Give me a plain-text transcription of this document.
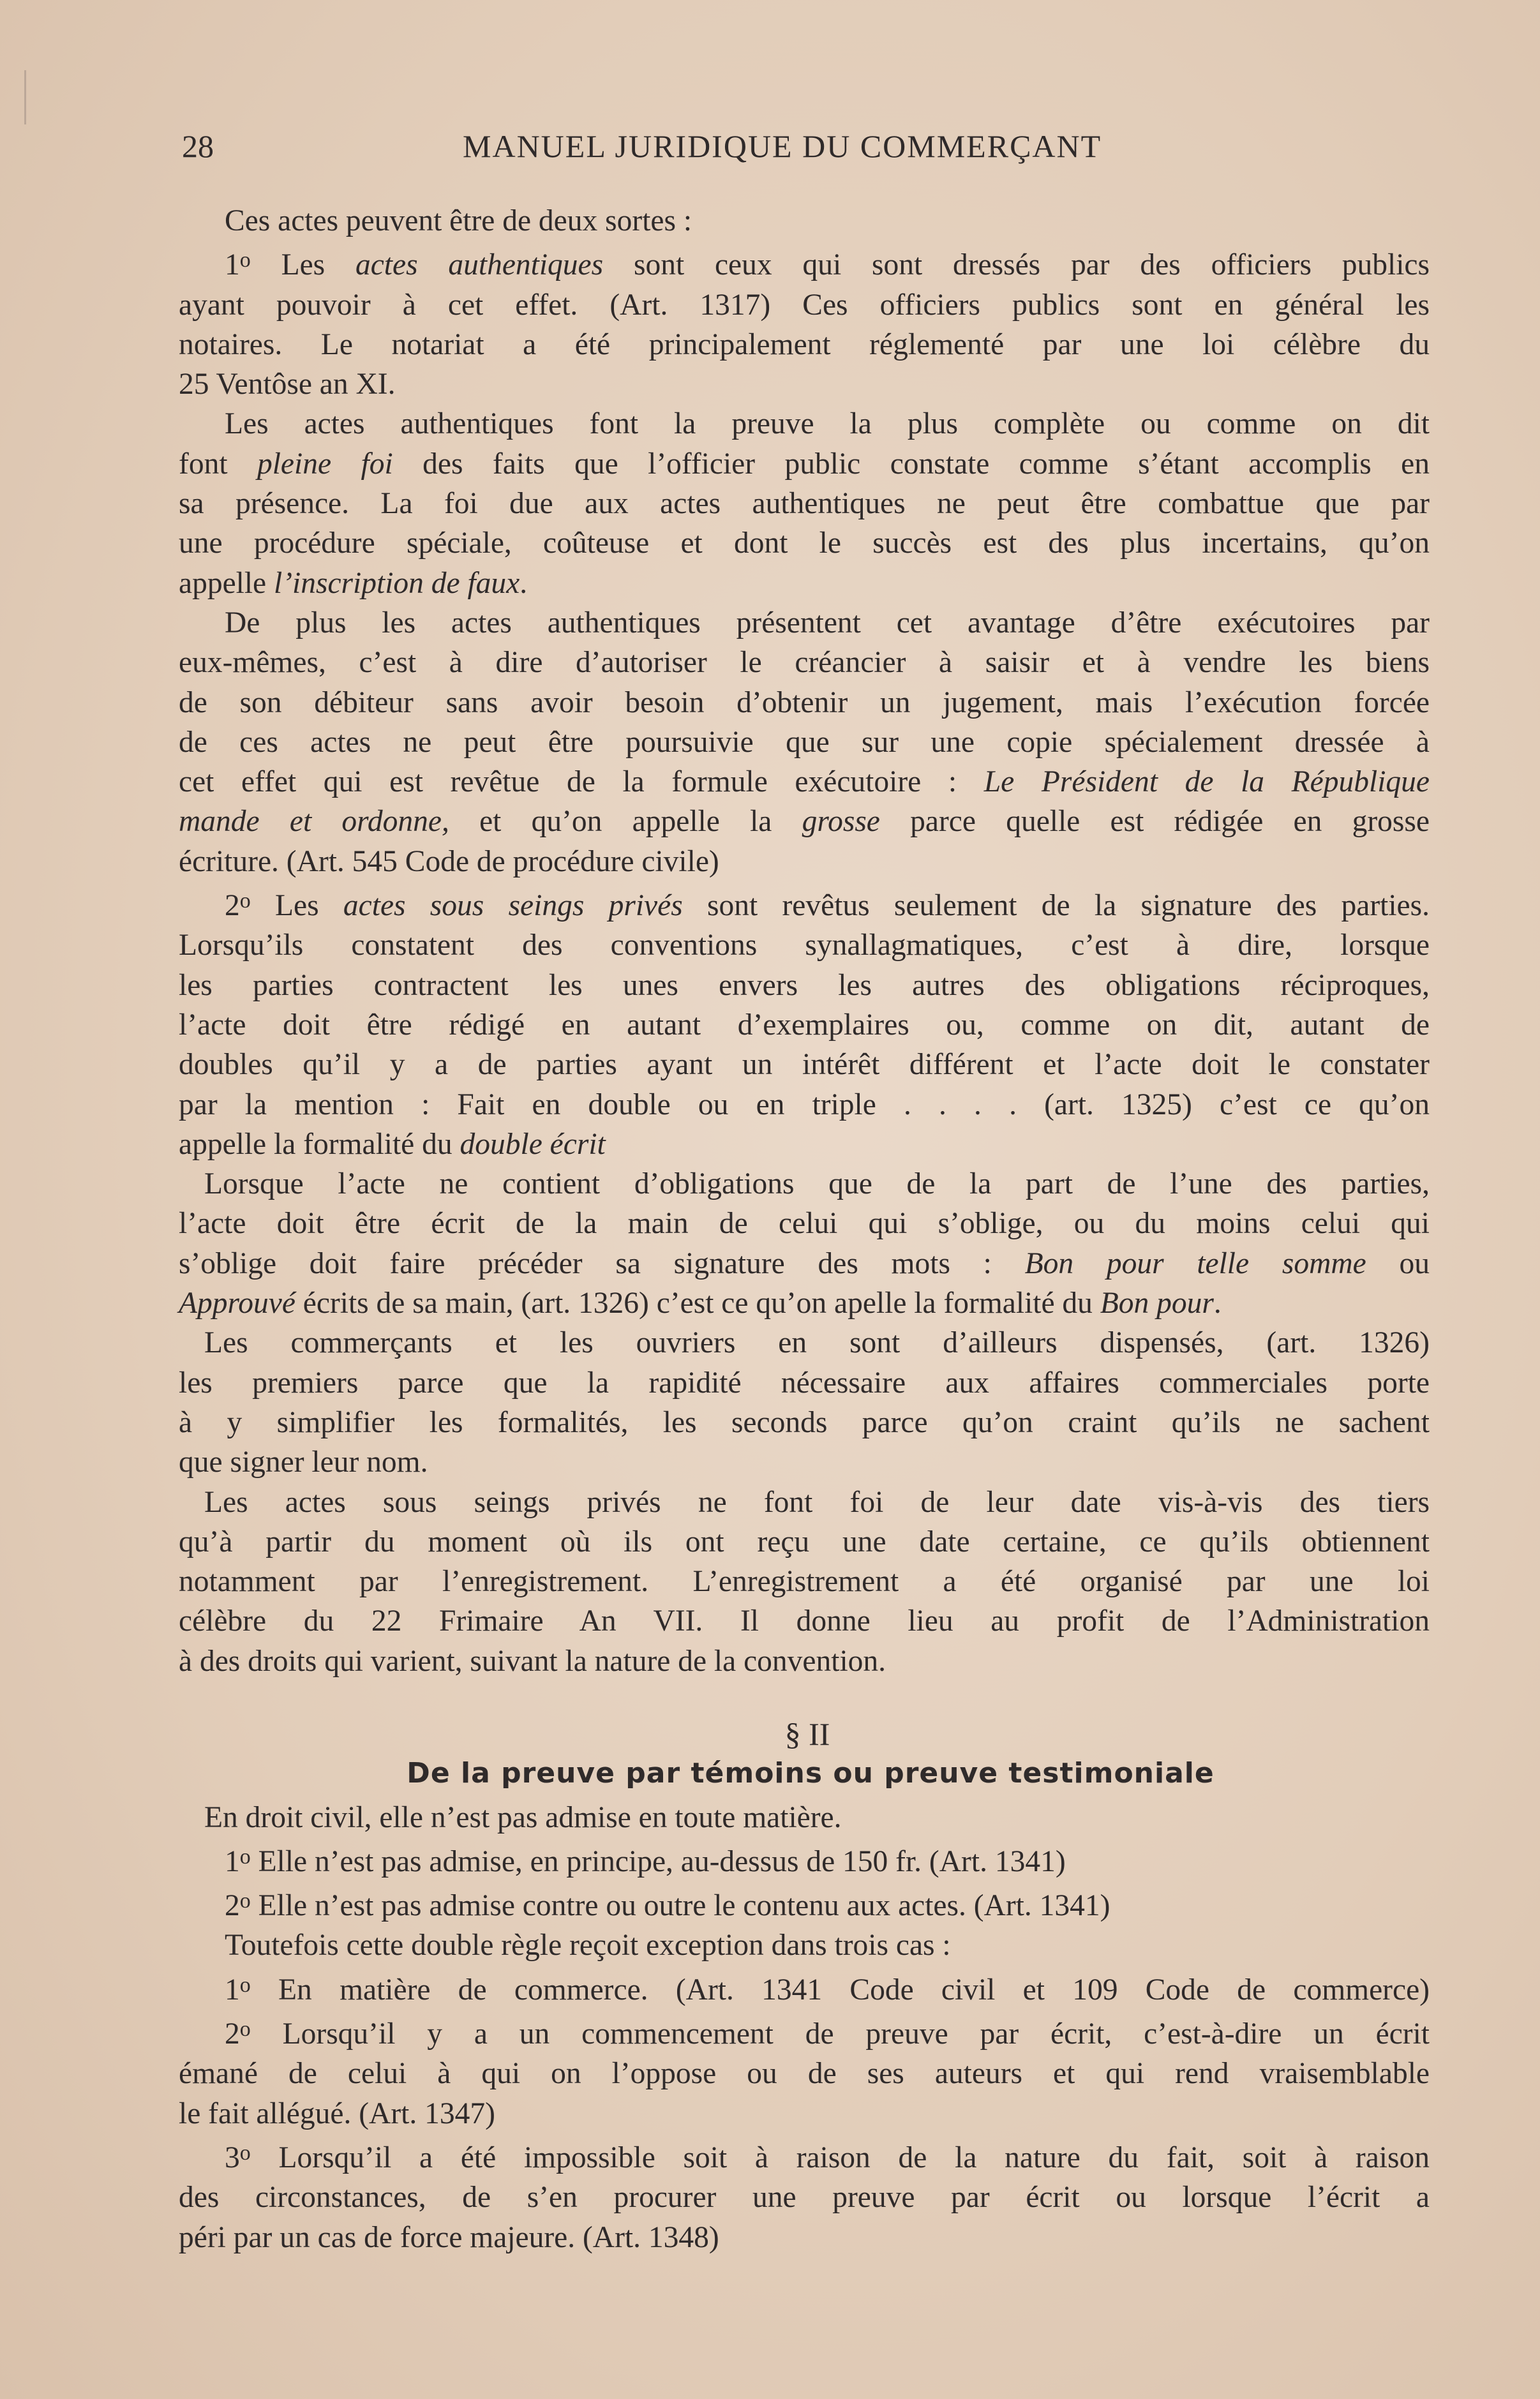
28	MANUEL JURIDIQUE DU COMMERÇANT

Ces actes peuvent être de deux sortes :

1$^o$ Les actes authentiques sont ceux qui sont dressés par des officiers publics

ayant pouvoir à cet effet. (Art. 1317) Ces officiers publics sont en général les

notaires. Le notariat a été principalement réglementé par une loi célèbre du

25 Ventôse an XI.

Les actes authentiques font la preuve la plus complète ou comme on dit

font pleine foi des faits que l’officier public constate comme s’étant accomplis en

sa présence. La foi due aux actes authentiques ne peut être combattue que par

une procédure spéciale, coûteuse et dont le succès est des plus incertains, qu’on

appelle l’inscription de faux.

De plus les actes authentiques présentent cet avantage d’être exécutoires par

eux-mêmes, c’est à dire d’autoriser le créancier à saisir et à vendre les biens

de son débiteur sans avoir besoin d’obtenir un jugement, mais l’exécution forcée

de ces actes ne peut être poursuivie que sur une copie spécialement dressée à

cet effet qui est revêtue de la formule exécutoire : Le Président de la République

mande et ordonne, et qu’on appelle la grosse parce quelle est rédigée en grosse

écriture. (Art. 545 Code de procédure civile)

2$^o$ Les actes sous seings privés sont revêtus seulement de la signature des parties.

Lorsqu’ils constatent des conventions synallagmatiques, c’est à dire, lorsque

les parties contractent les unes envers les autres des obligations réciproques,

l’acte doit être rédigé en autant d’exemplaires ou, comme on dit, autant de

doubles qu’il y a de parties ayant un intérêt différent et l’acte doit le constater

par la mention : Fait en double ou en triple . . . . (art. 1325) c’est ce qu’on

appelle la formalité du double écrit

Lorsque l’acte ne contient d’obligations que de la part de l’une des parties,

l’acte doit être écrit de la main de celui qui s’oblige, ou du moins celui qui

s’oblige doit faire précéder sa signature des mots : Bon pour telle somme ou

Approuvé écrits de sa main, (art. 1326) c’est ce qu’on apelle la formalité du Bon pour.

Les commerçants et les ouvriers en sont d’ailleurs dispensés, (art. 1326)

les premiers parce que la rapidité nécessaire aux affaires commerciales porte

à y simplifier les formalités, les seconds parce qu’on craint qu’ils ne sachent

que signer leur nom.

Les actes sous seings privés ne font foi de leur date vis-à-vis des tiers

qu’à partir du moment où ils ont reçu une date certaine, ce qu’ils obtiennent

notamment par l’enregistrement. L’enregistrement a été organisé par une loi

célèbre du 22 Frimaire An VII. Il donne lieu au profit de l’Administration

à des droits qui varient, suivant la nature de la convention.

§ II

De la preuve par témoins ou preuve testimoniale

En droit civil, elle n’est pas admise en toute matière.

1$^o$ Elle n’est pas admise, en principe, au-dessus de 150 fr. (Art. 1341)

2$^o$ Elle n’est pas admise contre ou outre le contenu aux actes. (Art. 1341)

Toutefois cette double règle reçoit exception dans trois cas :

1$^o$ En matière de commerce. (Art. 1341 Code civil et 109 Code de commerce)

2$^o$ Lorsqu’il y a un commencement de preuve par écrit, c’est-à-dire un écrit

émané de celui à qui on l’oppose ou de ses auteurs et qui rend vraisemblable

le fait allégué. (Art. 1347)

3$^o$ Lorsqu’il a été impossible soit à raison de la nature du fait, soit à raison

des circonstances, de s’en procurer une preuve par écrit ou lorsque l’écrit a

péri par un cas de force majeure. (Art. 1348)
